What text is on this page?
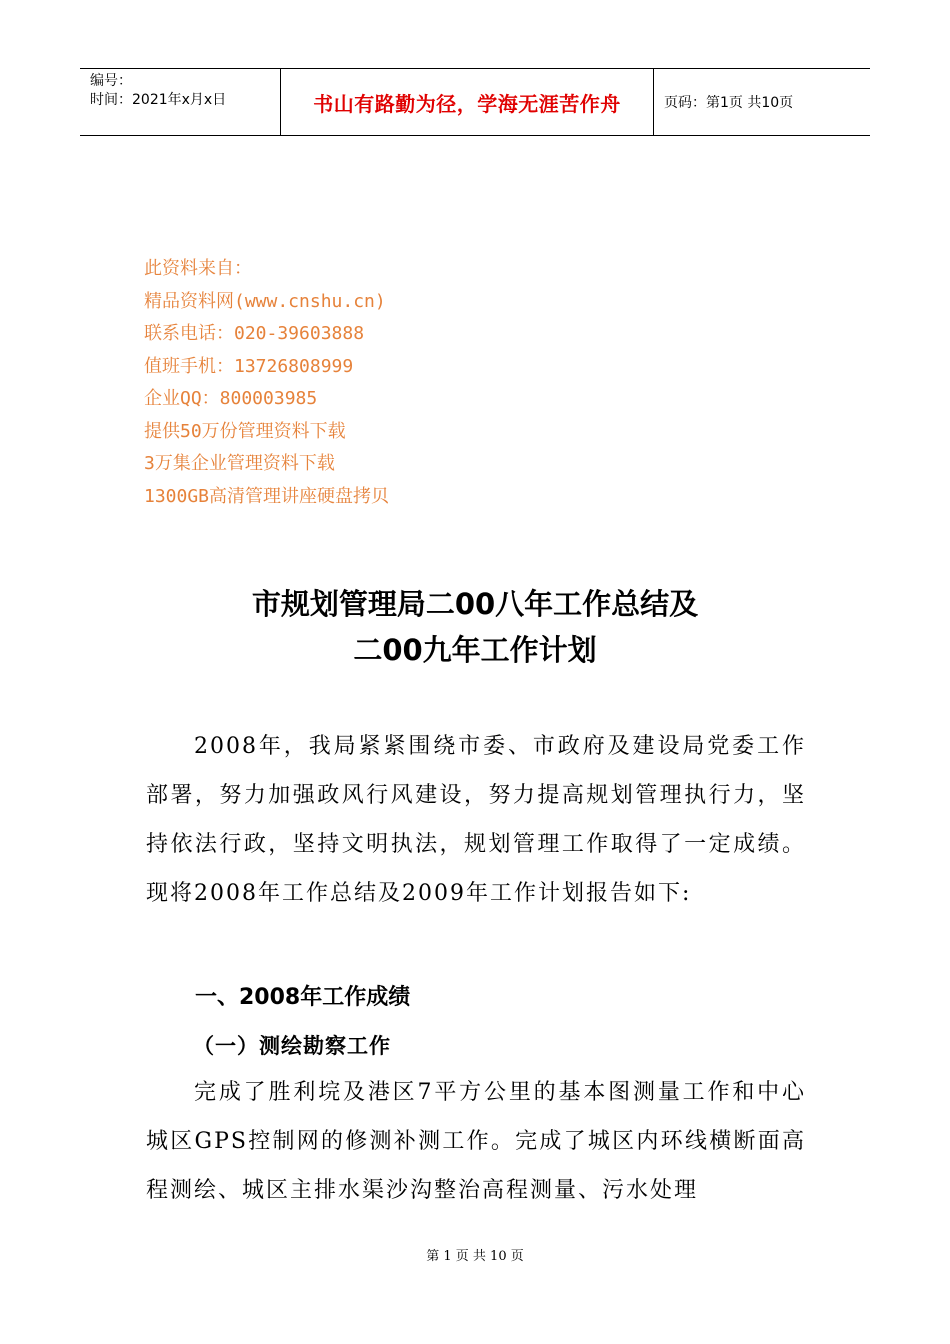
编号：
时间：2021年x月x日	书山有路勤为径，学海无涯苦作舟	页码：第1页 共10页
此资料来自：
精品资料网(www.cnshu.cn)
联系电话：020-39603888
值班手机：13726808999
企业QQ：800003985
提供50万份管理资料下载
3万集企业管理资料下载
1300GB高清管理讲座硬盘拷贝
市规划管理局二00八年工作总结及
二00九年工作计划
2008年，我局紧紧围绕市委、市政府及建设局党委工作部署，努力加强政风行风建设，努力提高规划管理执行力，坚持依法行政，坚持文明执法，规划管理工作取得了一定成绩。现将2008年工作总结及2009年工作计划报告如下:
一、2008年工作成绩
（一）测绘勘察工作
完成了胜利垸及港区7平方公里的基本图测量工作和中心城区GPS控制网的修测补测工作。完成了城区内环线横断面高程测绘、城区主排水渠沙沟整治高程测量、污水处理
第 1 页 共 10 页
